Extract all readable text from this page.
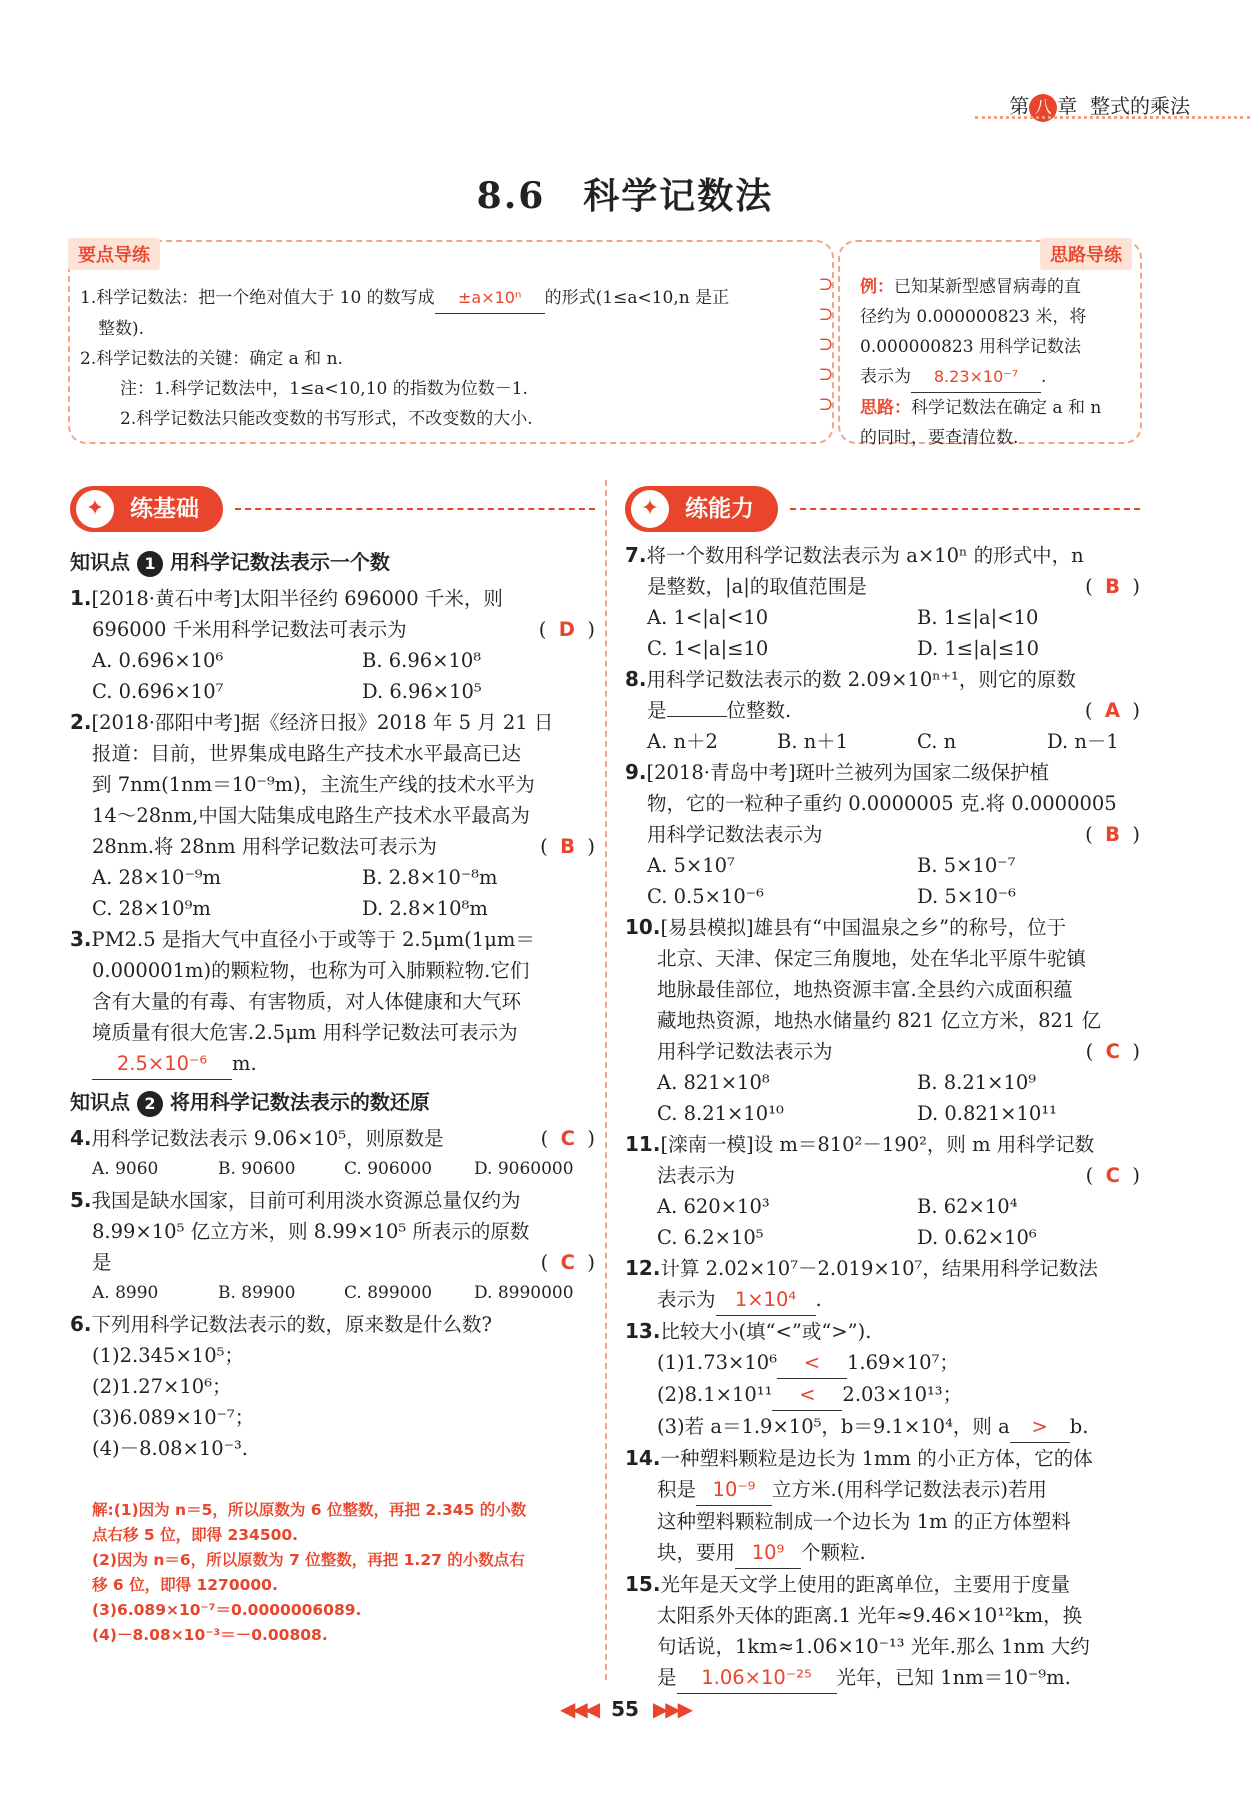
第 八 章 整式的乘法
8.6　科学记数法
要点导练
1.科学记数法：把一个绝对值大于 10 的数写成 ±a×10ⁿ 的形式(1≤a<10,n 是正
整数).
2.科学记数法的关键：确定 a 和 n.
注：1.科学记数法中，1≤a<10,10 的指数为位数－1.
2.科学记数法只能改变数的书写形式，不改变数的大小.
⊃
⊃
⊃
⊃
⊃
思路导练
例：已知某新型感冒病毒的直
径约为 0.000000823 米，将
0.000000823 用科学记数法
表示为 8.23×10⁻⁷ .
思路：科学记数法在确定 a 和 n
的同时，要查清位数.
✦	练基础	✦	练能力
知识点 1 用科学记数法表示一个数
1.[2018·黄石中考]太阳半径约 696000 千米，则
696000 千米用科学记数法可表示为	(  D  )
A. 0.696×10⁶	B. 6.96×10⁸
C. 0.696×10⁷	D. 6.96×10⁵
2.[2018·邵阳中考]据《经济日报》2018 年 5 月 21 日
报道：目前，世界集成电路生产技术水平最高已达
到 7nm(1nm＝10⁻⁹m)，主流生产线的技术水平为
14～28nm,中国大陆集成电路生产技术水平最高为
28nm.将 28nm 用科学记数法可表示为	(  B  )
A. 28×10⁻⁹m	B. 2.8×10⁻⁸m
C. 28×10⁹m	D. 2.8×10⁸m
3.PM2.5 是指大气中直径小于或等于 2.5μm(1μm＝
0.000001m)的颗粒物，也称为可入肺颗粒物.它们
含有大量的有毒、有害物质，对人体健康和大气环
境质量有很大危害.2.5μm 用科学记数法可表示为
2.5×10⁻⁶ m.
知识点 2 将用科学记数法表示的数还原
4.用科学记数法表示 9.06×10⁵，则原数是	(  C  )
A. 9060	B. 90600	C. 906000	D. 9060000
5.我国是缺水国家，目前可利用淡水资源总量仅约为
8.99×10⁵ 亿立方米，则 8.99×10⁵ 所表示的原数
是	(  C  )
A. 8990	B. 89900	C. 899000	D. 8990000
6.下列用科学记数法表示的数，原来数是什么数?
(1)2.345×10⁵；
(2)1.27×10⁶；
(3)6.089×10⁻⁷；
(4)－8.08×10⁻³.
解:(1)因为 n＝5，所以原数为 6 位整数，再把 2.345 的小数
点右移 5 位，即得 234500.
(2)因为 n＝6，所以原数为 7 位整数，再把 1.27 的小数点右
移 6 位，即得 1270000.
(3)6.089×10⁻⁷＝0.0000006089.
(4)－8.08×10⁻³＝－0.00808.
7.将一个数用科学记数法表示为 a×10ⁿ 的形式中，n
是整数，|a|的取值范围是	(  B  )
A. 1<|a|<10	B. 1≤|a|<10
C. 1<|a|≤10	D. 1≤|a|≤10
8.用科学记数法表示的数 2.09×10ⁿ⁺¹，则它的原数
是	位整数.	(  A  )
A. n＋2	B. n＋1	C. n	D. n－1
9.[2018·青岛中考]斑叶兰被列为国家二级保护植
物，它的一粒种子重约 0.0000005 克.将 0.0000005
用科学记数法表示为	(  B  )
A. 5×10⁷	B. 5×10⁻⁷
C. 0.5×10⁻⁶	D. 5×10⁻⁶
10.[易县模拟]雄县有“中国温泉之乡”的称号，位于
北京、天津、保定三角腹地，处在华北平原牛驼镇
地脉最佳部位，地热资源丰富.全县约六成面积蕴
藏地热资源，地热水储量约 821 亿立方米，821 亿
用科学记数法表示为	(  C  )
A. 821×10⁸	B. 8.21×10⁹
C. 8.21×10¹⁰	D. 0.821×10¹¹
11.[滦南一模]设 m＝810²－190²，则 m 用科学记数
法表示为	(  C  )
A. 620×10³	B. 62×10⁴
C. 6.2×10⁵	D. 0.62×10⁶
12.计算 2.02×10⁷－2.019×10⁷，结果用科学记数法
表示为 1×10⁴ .
13.比较大小(填“<”或“>”).
(1)1.73×10⁶ < 1.69×10⁷；
(2)8.1×10¹¹ < 2.03×10¹³；
(3)若 a＝1.9×10⁵，b＝9.1×10⁴，则 a > b.
14.一种塑料颗粒是边长为 1mm 的小正方体，它的体
积是 10⁻⁹ 立方米.(用科学记数法表示)若用
这种塑料颗粒制成一个边长为 1m 的正方体塑料
块，要用 10⁹ 个颗粒.
15.光年是天文学上使用的距离单位，主要用于度量
太阳系外天体的距离.1 光年≈9.46×10¹²km，换
句话说，1km≈1.06×10⁻¹³ 光年.那么 1nm 大约
是 1.06×10⁻²⁵ 光年，已知 1nm＝10⁻⁹m.
◀◀◀ 55 ▶▶▶
